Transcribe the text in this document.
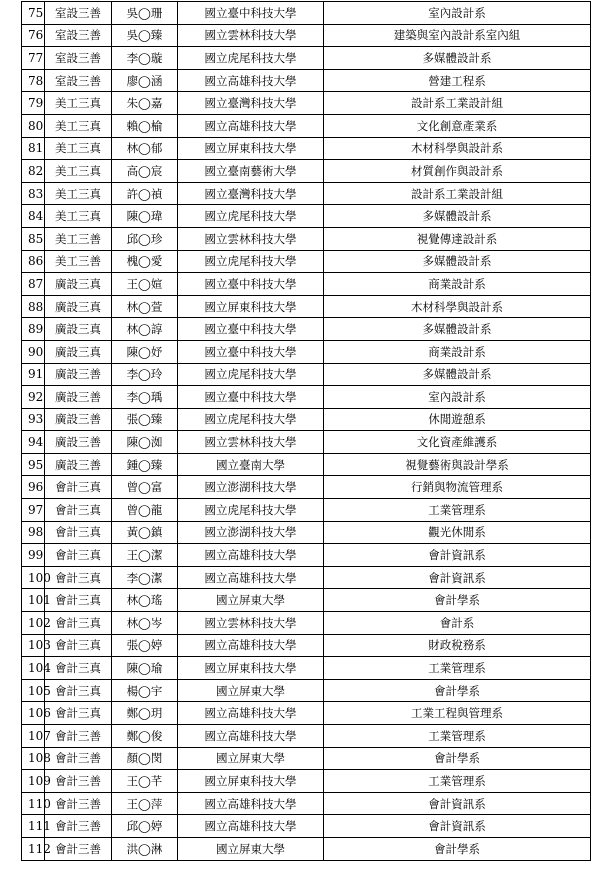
75	室設三善	吳◯珊	國立臺中科技大學	室內設計系
76	室設三善	吳◯臻	國立雲林科技大學	建築與室內設計系室內組
77	室設三善	李◯璇	國立虎尾科技大學	多媒體設計系
78	室設三善	廖◯涵	國立高雄科技大學	營建工程系
79	美工三真	朱◯嘉	國立臺灣科技大學	設計系工業設計組
80	美工三真	賴◯榆	國立高雄科技大學	文化創意產業系
81	美工三真	林◯郁	國立屏東科技大學	木材科學與設計系
82	美工三真	高◯宸	國立臺南藝術大學	材質創作與設計系
83	美工三真	許◯禎	國立臺灣科技大學	設計系工業設計組
84	美工三真	陳◯瑋	國立虎尾科技大學	多媒體設計系
85	美工三善	邱◯珍	國立雲林科技大學	視覺傳達設計系
86	美工三善	槐◯愛	國立虎尾科技大學	多媒體設計系
87	廣設三真	王◯媗	國立臺中科技大學	商業設計系
88	廣設三真	林◯萱	國立屏東科技大學	木材科學與設計系
89	廣設三真	林◯諄	國立臺中科技大學	多媒體設計系
90	廣設三真	陳◯妤	國立臺中科技大學	商業設計系
91	廣設三善	李◯玲	國立虎尾科技大學	多媒體設計系
92	廣設三善	李◯瑀	國立臺中科技大學	室內設計系
93	廣設三善	張◯臻	國立虎尾科技大學	休閒遊憩系
94	廣設三善	陳◯洳	國立雲林科技大學	文化資產維護系
95	廣設三善	鍾◯臻	國立臺南大學	視覺藝術與設計學系
96	會計三真	曾◯富	國立澎湖科技大學	行銷與物流管理系
97	會計三真	曾◯龍	國立虎尾科技大學	工業管理系
98	會計三真	黃◯鎮	國立澎湖科技大學	觀光休閒系
99	會計三真	王◯潔	國立高雄科技大學	會計資訊系
100	會計三真	李◯潔	國立高雄科技大學	會計資訊系
101	會計三真	林◯瑤	國立屏東大學	會計學系
102	會計三真	林◯岑	國立雲林科技大學	會計系
103	會計三真	張◯婷	國立高雄科技大學	財政稅務系
104	會計三真	陳◯瑜	國立屏東科技大學	工業管理系
105	會計三真	楊◯宇	國立屏東大學	會計學系
106	會計三真	鄭◯玥	國立高雄科技大學	工業工程與管理系
107	會計三善	鄭◯俊	國立高雄科技大學	工業管理系
108	會計三善	顏◯閔	國立屏東大學	會計學系
109	會計三善	王◯芊	國立屏東科技大學	工業管理系
110	會計三善	王◯萍	國立高雄科技大學	會計資訊系
111	會計三善	邱◯婷	國立高雄科技大學	會計資訊系
112	會計三善	洪◯淋	國立屏東大學	會計學系
